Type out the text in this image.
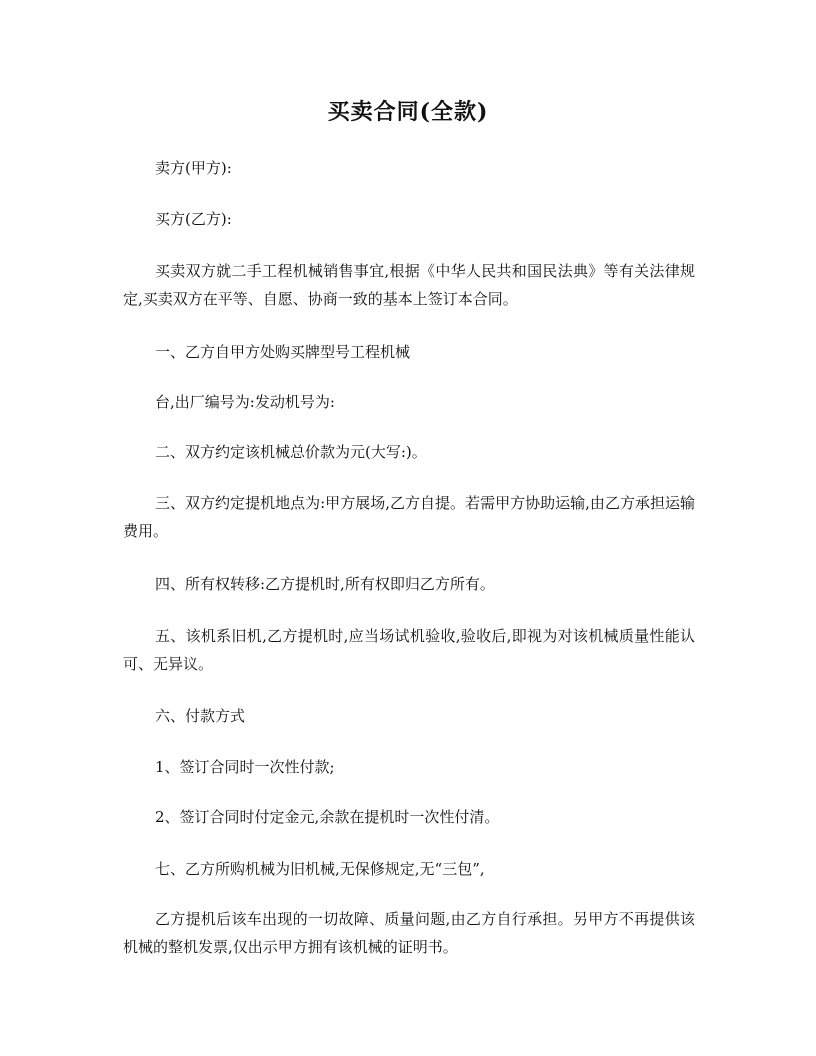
买卖合同(全款)
卖方(甲方):
买方(乙方):
买卖双方就二手工程机械销售事宜,根据《中华人民共和国民法典》等有关法律规定,买卖双方在平等、自愿、协商一致的基本上签订本合同。
一、乙方自甲方处购买牌型号工程机械
台,出厂编号为:发动机号为:
二、双方约定该机械总价款为元(大写:)。
三、双方约定提机地点为:甲方展场,乙方自提。若需甲方协助运输,由乙方承担运输费用。
四、所有权转移:乙方提机时,所有权即归乙方所有。
五、该机系旧机,乙方提机时,应当场试机验收,验收后,即视为对该机械质量性能认可、无异议。
六、付款方式
1、签订合同时一次性付款;
2、签订合同时付定金元,余款在提机时一次性付清。
七、乙方所购机械为旧机械,无保修规定,无“三包”,
乙方提机后该车出现的一切故障、质量问题,由乙方自行承担。另甲方不再提供该机械的整机发票,仅出示甲方拥有该机械的证明书。
